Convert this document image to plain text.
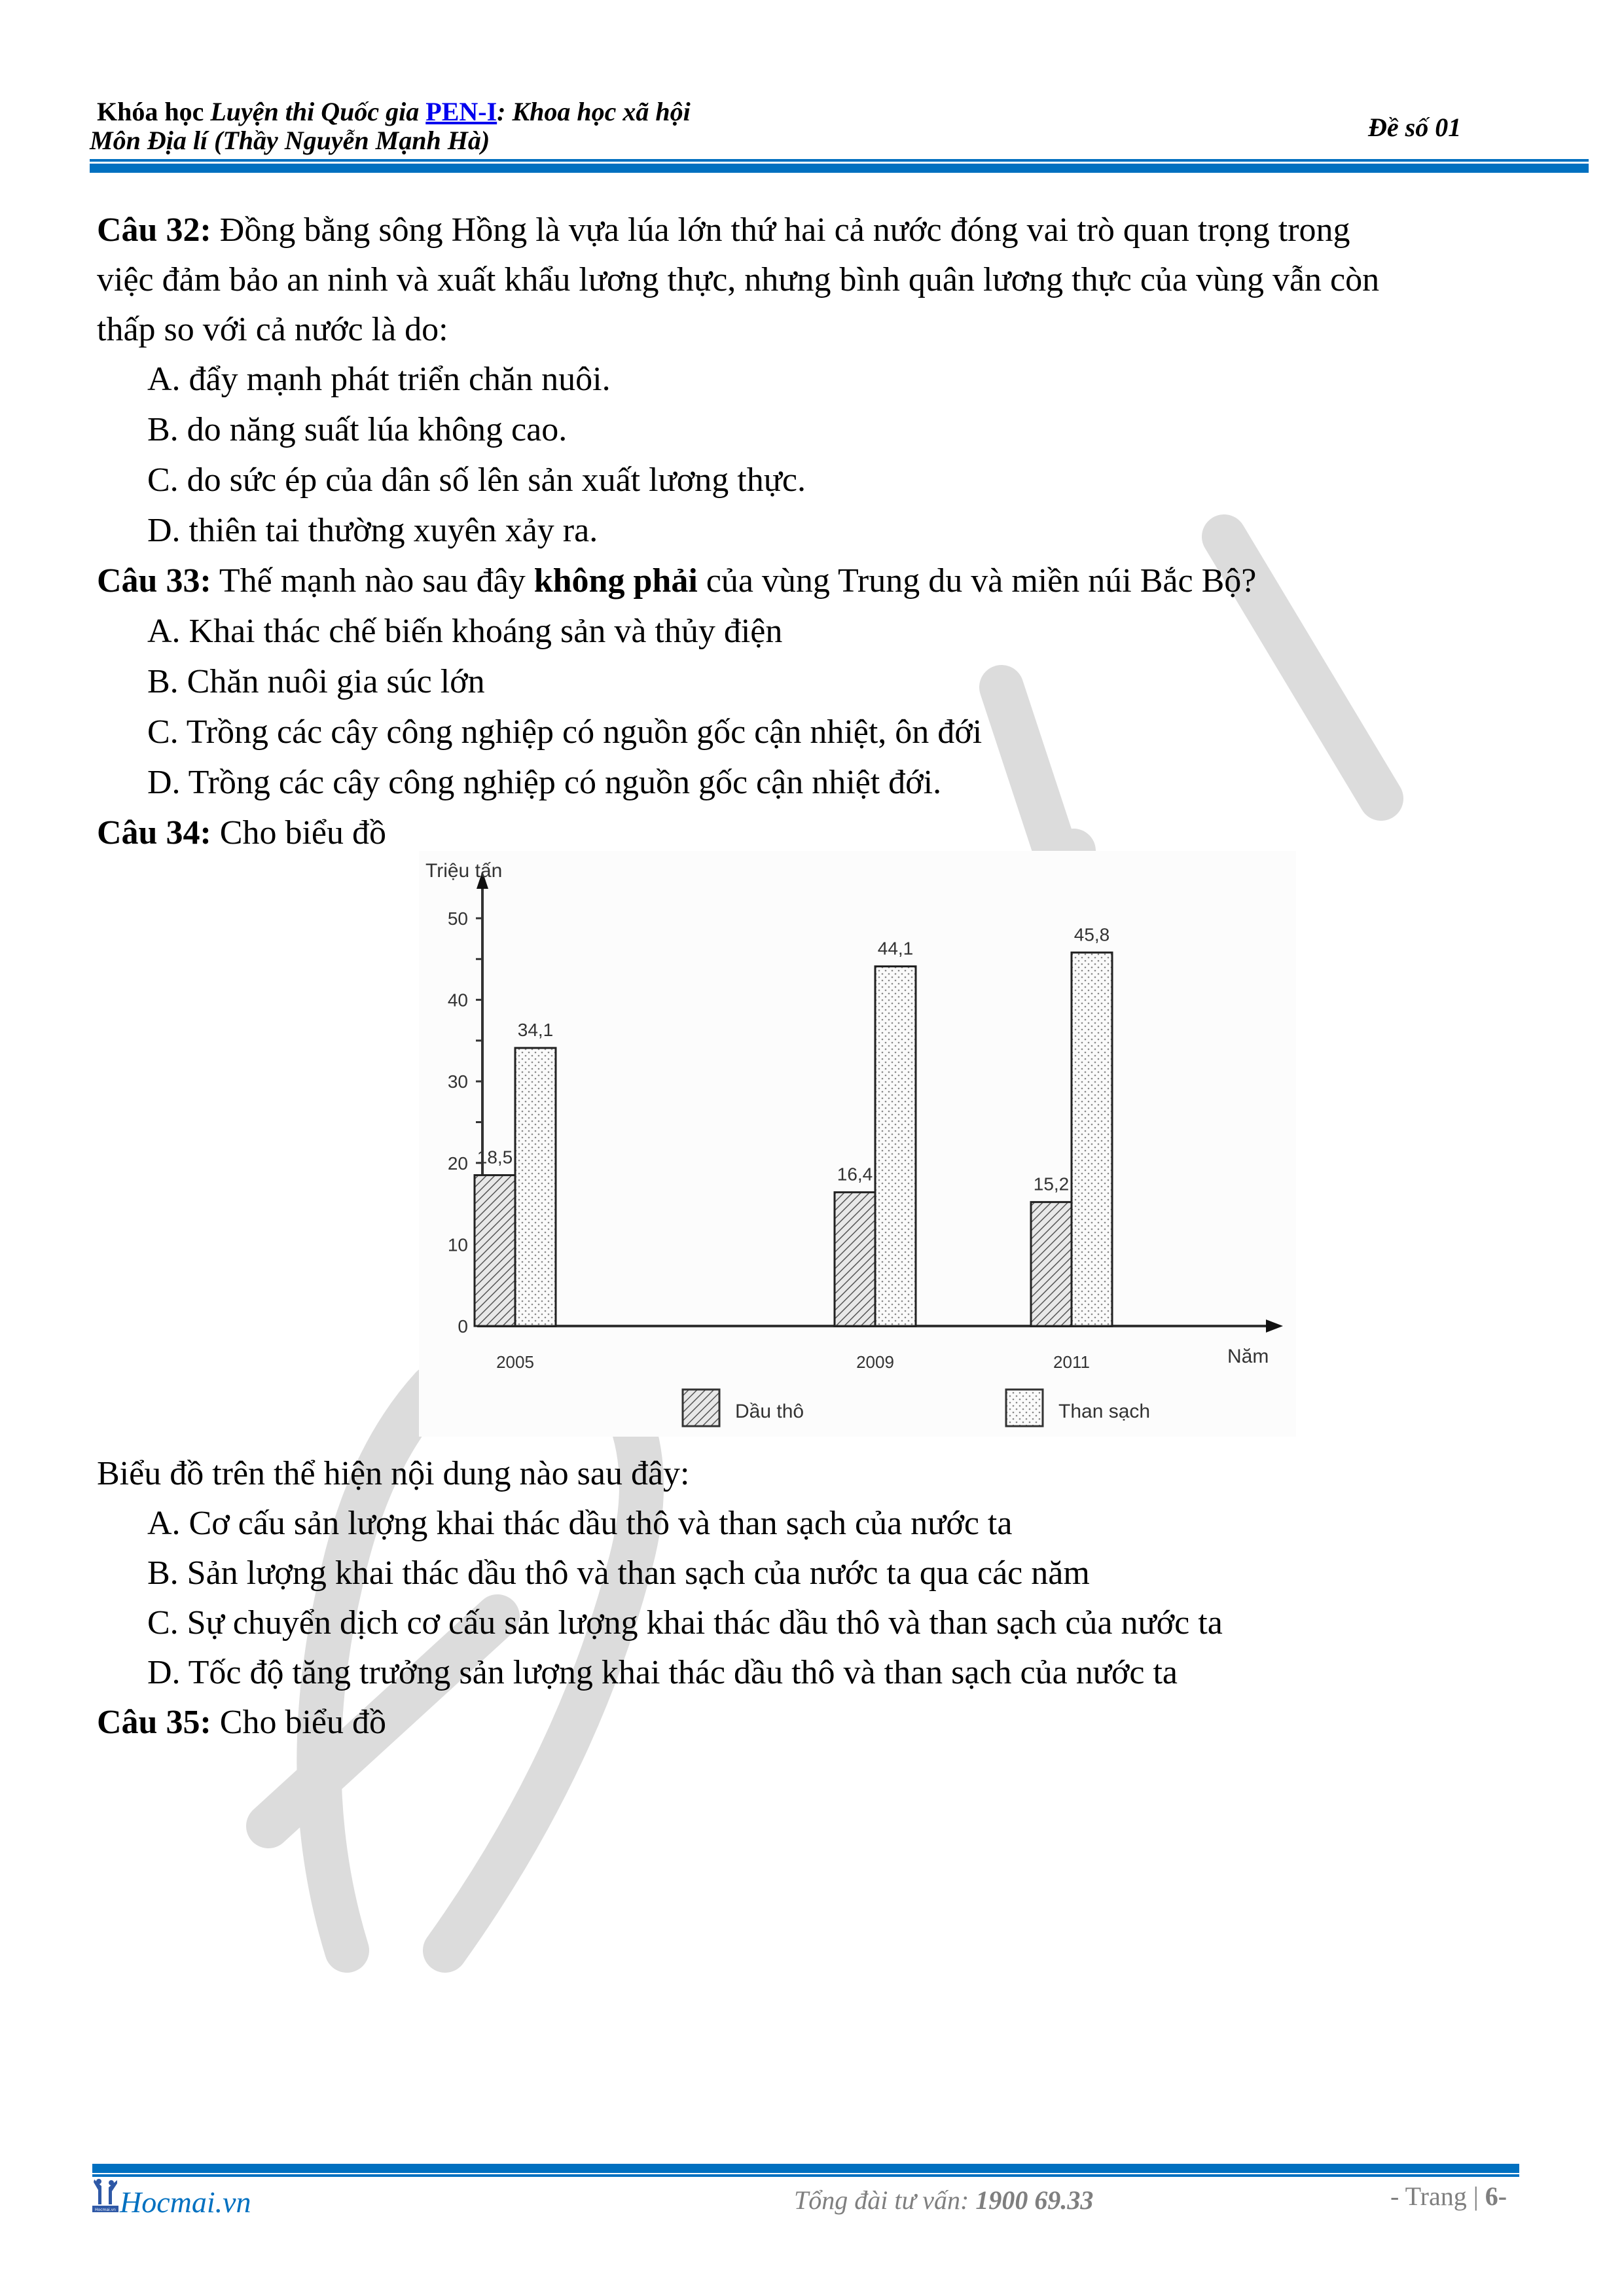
Khóa học Luyện thi Quốc gia PEN-I: Khoa học xã hội
Môn Địa lí (Thầy Nguyễn Mạnh Hà)	Đề số 01
Câu 32: Đồng bằng sông Hồng là vựa lúa lớn thứ hai cả nước đóng vai trò quan trọng trong
việc đảm bảo an ninh và xuất khẩu lương thực, nhưng bình quân lương thực của vùng vẫn còn
thấp so với cả nước là do:
A. đẩy mạnh phát triển chăn nuôi.
B. do năng suất lúa không cao.
C. do sức ép của dân số lên sản xuất lương thực.
D. thiên tai thường xuyên xảy ra.
Câu 33: Thế mạnh nào sau đây không phải của vùng Trung du và miền núi Bắc Bộ?
A. Khai thác chế biến khoáng sản và thủy điện
B. Chăn nuôi gia súc lớn
C. Trồng các cây công nghiệp có nguồn gốc cận nhiệt, ôn đới
D. Trồng các cây công nghiệp có nguồn gốc cận nhiệt đới.
Câu 34: Cho biểu đồ
0
10
20
30
40
50
Triệu tấn
Năm
18,5
34,1
2005
16,4
44,1
2009
15,2
45,8
2011
Dầu thô	Than sạch
Biểu đồ trên thể hiện nội dung nào sau đây:
A. Cơ cấu sản lượng khai thác dầu thô và than sạch của nước ta
B. Sản lượng khai thác dầu thô và than sạch của nước ta qua các năm
C. Sự chuyển dịch cơ cấu sản lượng khai thác dầu thô và than sạch của nước ta
D. Tốc độ tăng trưởng sản lượng khai thác dầu thô và than sạch của nước ta
Câu 35: Cho biểu đồ
Hocmai.vn Hocmai.vn	Tổng đài tư vấn: 1900 69.33	- Trang | 6-
